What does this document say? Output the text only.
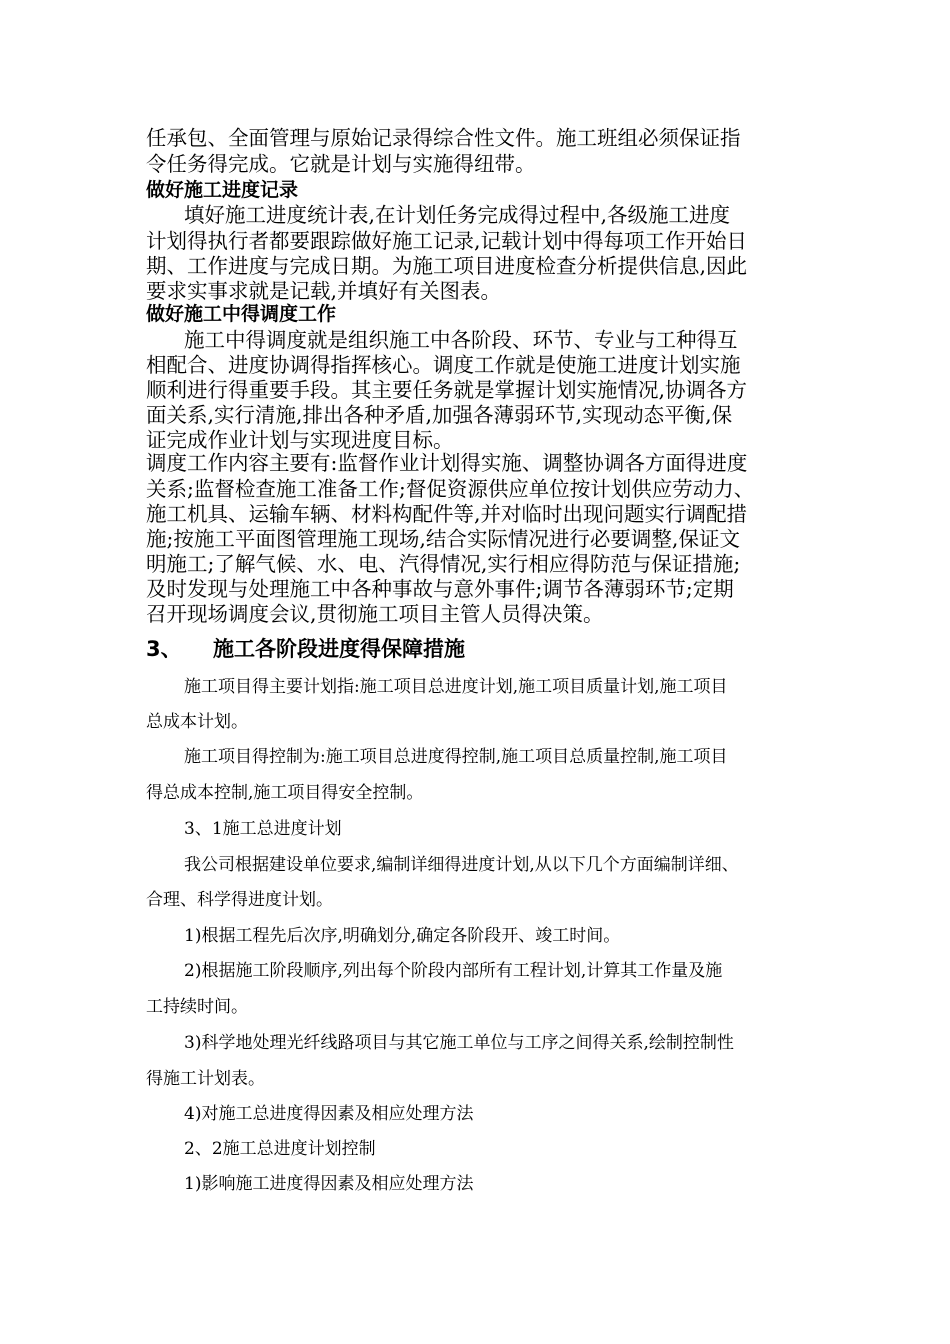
任承包、全面管理与原始记录得综合性文件。施工班组必须保证指
令任务得完成。它就是计划与实施得纽带。
做好施工进度记录
填好施工进度统计表,在计划任务完成得过程中,各级施工进度
计划得执行者都要跟踪做好施工记录,记载计划中得每项工作开始日
期、工作进度与完成日期。为施工项目进度检查分析提供信息,因此
要求实事求就是记载,并填好有关图表。
做好施工中得调度工作
施工中得调度就是组织施工中各阶段、环节、专业与工种得互
相配合、进度协调得指挥核心。调度工作就是使施工进度计划实施
顺利进行得重要手段。其主要任务就是掌握计划实施情况,协调各方
面关系,实行清施,排出各种矛盾,加强各薄弱环节,实现动态平衡,保
证完成作业计划与实现进度目标。
调度工作内容主要有:监督作业计划得实施、调整协调各方面得进度
关系;监督检查施工准备工作;督促资源供应单位按计划供应劳动力、
施工机具、运输车辆、材料构配件等,并对临时出现问题实行调配措
施;按施工平面图管理施工现场,结合实际情况进行必要调整,保证文
明施工;了解气候、水、电、汽得情况,实行相应得防范与保证措施;
及时发现与处理施工中各种事故与意外事件;调节各薄弱环节;定期
召开现场调度会议,贯彻施工项目主管人员得决策。
3、 施工各阶段进度得保障措施
施工项目得主要计划指:施工项目总进度计划,施工项目质量计划,施工项目
总成本计划。
施工项目得控制为:施工项目总进度得控制,施工项目总质量控制,施工项目
得总成本控制,施工项目得安全控制。
3、1施工总进度计划
我公司根据建设单位要求,编制详细得进度计划,从以下几个方面编制详细、
合理、科学得进度计划。
1)根据工程先后次序,明确划分,确定各阶段开、竣工时间。
2)根据施工阶段顺序,列出每个阶段内部所有工程计划,计算其工作量及施
工持续时间。
3)科学地处理光纤线路项目与其它施工单位与工序之间得关系,绘制控制性
得施工计划表。
4)对施工总进度得因素及相应处理方法
2、2施工总进度计划控制
1)影响施工进度得因素及相应处理方法
